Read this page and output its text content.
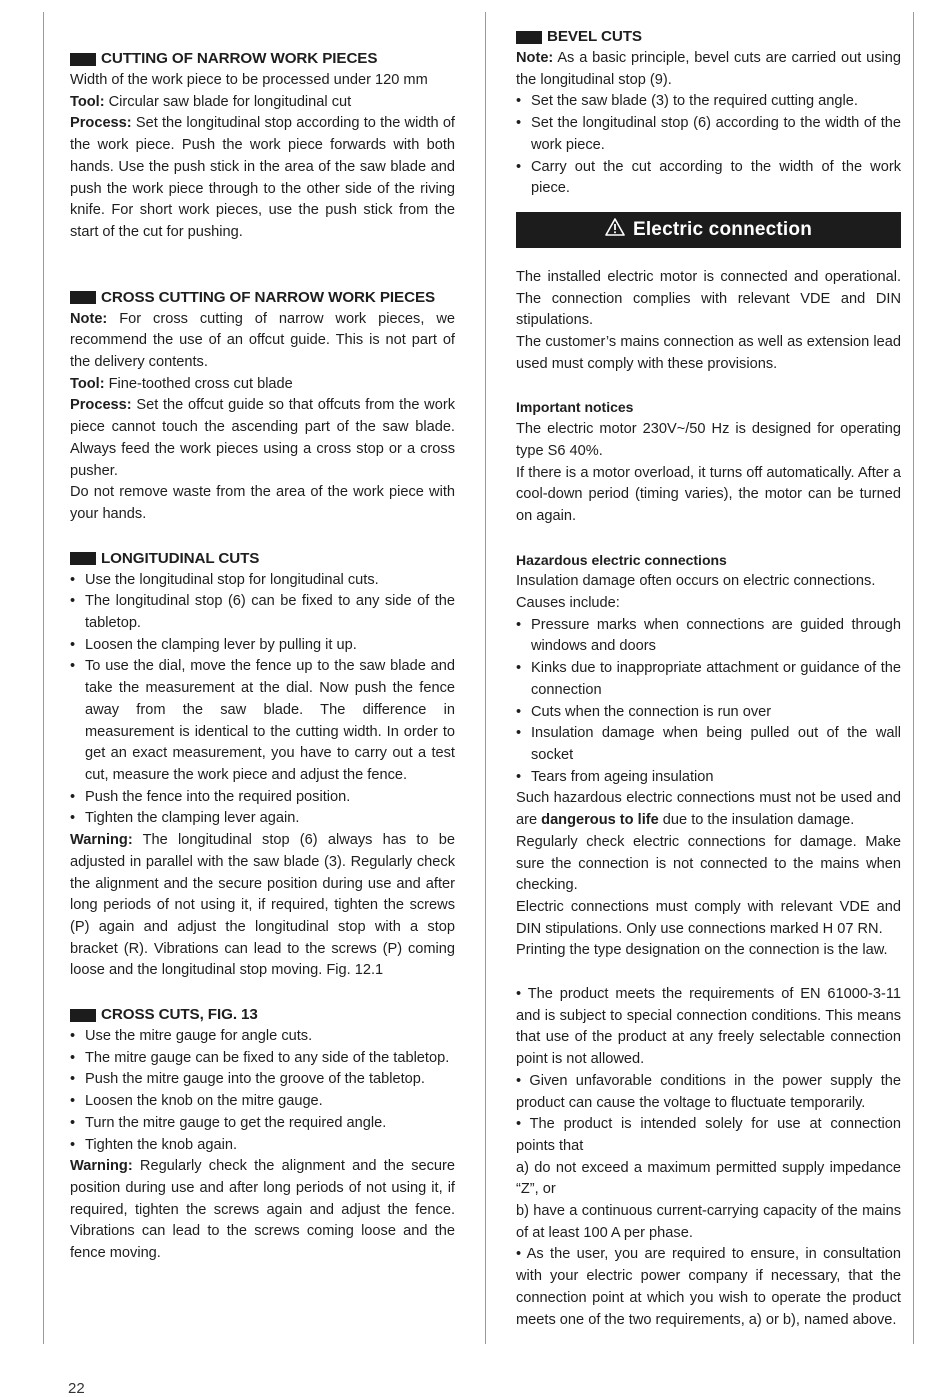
CUTTING OF NARROW WORK PIECES

Width of the work piece to be processed under 120 mm

Tool: Circular saw blade for longitudinal cut

Process: Set the longitudinal stop according to the width of the work piece. Push the work piece forwards with both hands. Use the push stick in the area of the saw blade and push the work piece through to the other side of the riving knife. For short work pieces, use the push stick from the start of the cut for pushing.

CROSS CUTTING OF NARROW WORK PIECES

Note: For cross cutting of narrow work pieces, we recommend the use of an offcut guide. This is not part of the delivery contents.

Tool: Fine-toothed cross cut blade

Process: Set the offcut guide so that offcuts from the work piece cannot touch the ascending part of the saw blade. Always feed the work pieces using a cross stop or a cross pusher.

Do not remove waste from the area of the work piece with your hands.

LONGITUDINAL CUTS
• Use the longitudinal stop for longitudinal cuts.
• The longitudinal stop (6) can be fixed to any side of the tabletop.
• Loosen the clamping lever by pulling it up.
• To use the dial, move the fence up to the saw blade and take the measurement at the dial. Now push the fence away from the saw blade. The difference in measurement is identical to the cutting width. In order to get an exact measurement, you have to carry out a test cut, measure the work piece and adjust the fence.
• Push the fence into the required position.
• Tighten the clamping lever again.

Warning: The longitudinal stop (6) always has to be adjusted in parallel with the saw blade (3). Regularly check the alignment and the secure position during use and after long periods of not using it, if required, tighten the screws (P) again and adjust the longitudinal stop with a stop bracket (R). Vibrations can lead to the screws (P) coming loose and the longitudinal stop moving. Fig. 12.1

CROSS CUTS, FIG. 13
• Use the mitre gauge for angle cuts.
• The mitre gauge can be fixed to any side of the tabletop.
• Push the mitre gauge into the groove of the tabletop.
• Loosen the knob on the mitre gauge.
• Turn the mitre gauge to get the required angle.
• Tighten the knob again.

Warning: Regularly check the alignment and the secure position during use and after long periods of not using it, if required, tighten the screws again and adjust the fence. Vibrations can lead to the screws coming loose and the fence moving.

BEVEL CUTS

Note: As a basic principle, bevel cuts are carried out using the longitudinal stop (9).

• Set the saw blade (3) to the required cutting angle.
• Set the longitudinal stop (6) according to the width of the work piece.
• Carry out the cut according to the width of the work piece.
Electric connection

The installed electric motor is connected and operational. The connection complies with relevant VDE and DIN stipulations.

The customer’s mains connection as well as extension lead used must comply with these provisions.

Important notices

The electric motor 230V~/50 Hz is designed for operating type S6 40%.

If there is a motor overload, it turns off automatically. After a cool-down period (timing varies), the motor can be turned on again.

Hazardous electric connections

Insulation damage often occurs on electric connections.

Causes include:

• Pressure marks when connections are guided through windows and doors
• Kinks due to inappropriate attachment or guidance of the connection
• Cuts when the connection is run over
• Insulation damage when being pulled out of the wall socket
• Tears from ageing insulation

Such hazardous electric connections must not be used and are dangerous to life due to the insulation damage.

Regularly check electric connections for damage. Make sure the connection is not connected to the mains when checking.

Electric connections must comply with relevant VDE and DIN stipulations. Only use connections marked H 07 RN.

Printing the type designation on the connection is the law.

• The product meets the requirements of EN 61000-3-11 and is subject to special connection conditions. This means that use of the product at any freely selectable connection point is not allowed.

• Given unfavorable conditions in the power supply the product can cause the voltage to fluctuate temporarily.

• The product is intended solely for use at connection points that

a) do not exceed a maximum permitted supply impedance “Z”, or

b) have a continuous current-carrying capacity of the mains of at least 100 A per phase.

• As the user, you are required to ensure, in consultation with your electric power company if necessary, that the connection point at which you wish to operate the product meets one of the two requirements, a) or b), named above.

22
